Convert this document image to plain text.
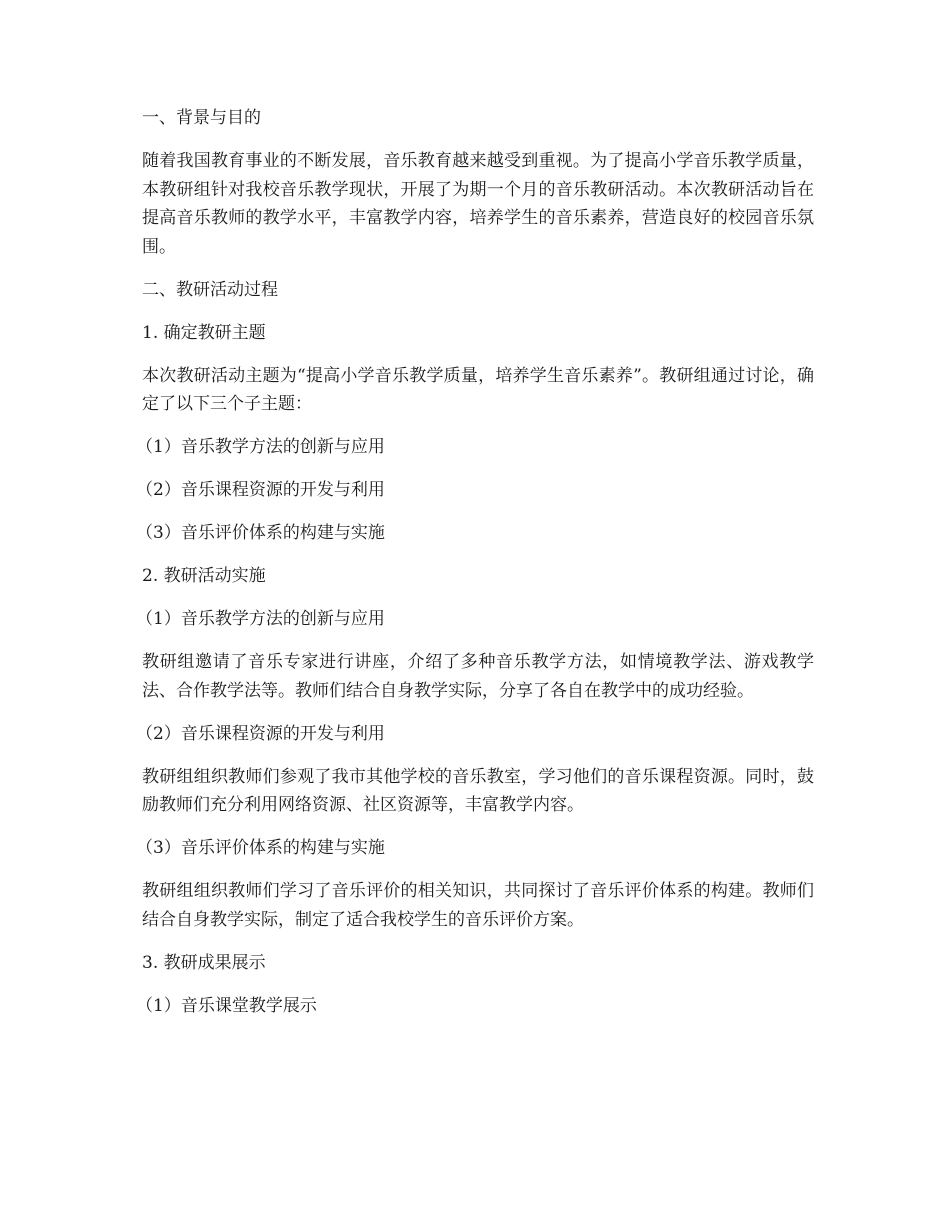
一、背景与目的

随着我国教育事业的不断发展，音乐教育越来越受到重视。为了提高小学音乐教学质量，本教研组针对我校音乐教学现状，开展了为期一个月的音乐教研活动。本次教研活动旨在提高音乐教师的教学水平，丰富教学内容，培养学生的音乐素养，营造良好的校园音乐氛围。

二、教研活动过程

1. 确定教研主题

本次教研活动主题为“提高小学音乐教学质量，培养学生音乐素养”。教研组通过讨论，确定了以下三个子主题：

（1）音乐教学方法的创新与应用

（2）音乐课程资源的开发与利用

（3）音乐评价体系的构建与实施

2. 教研活动实施

（1）音乐教学方法的创新与应用

教研组邀请了音乐专家进行讲座，介绍了多种音乐教学方法，如情境教学法、游戏教学法、合作教学法等。教师们结合自身教学实际，分享了各自在教学中的成功经验。

（2）音乐课程资源的开发与利用

教研组组织教师们参观了我市其他学校的音乐教室，学习他们的音乐课程资源。同时，鼓励教师们充分利用网络资源、社区资源等，丰富教学内容。

（3）音乐评价体系的构建与实施

教研组组织教师们学习了音乐评价的相关知识，共同探讨了音乐评价体系的构建。教师们结合自身教学实际，制定了适合我校学生的音乐评价方案。

3. 教研成果展示

（1）音乐课堂教学展示
